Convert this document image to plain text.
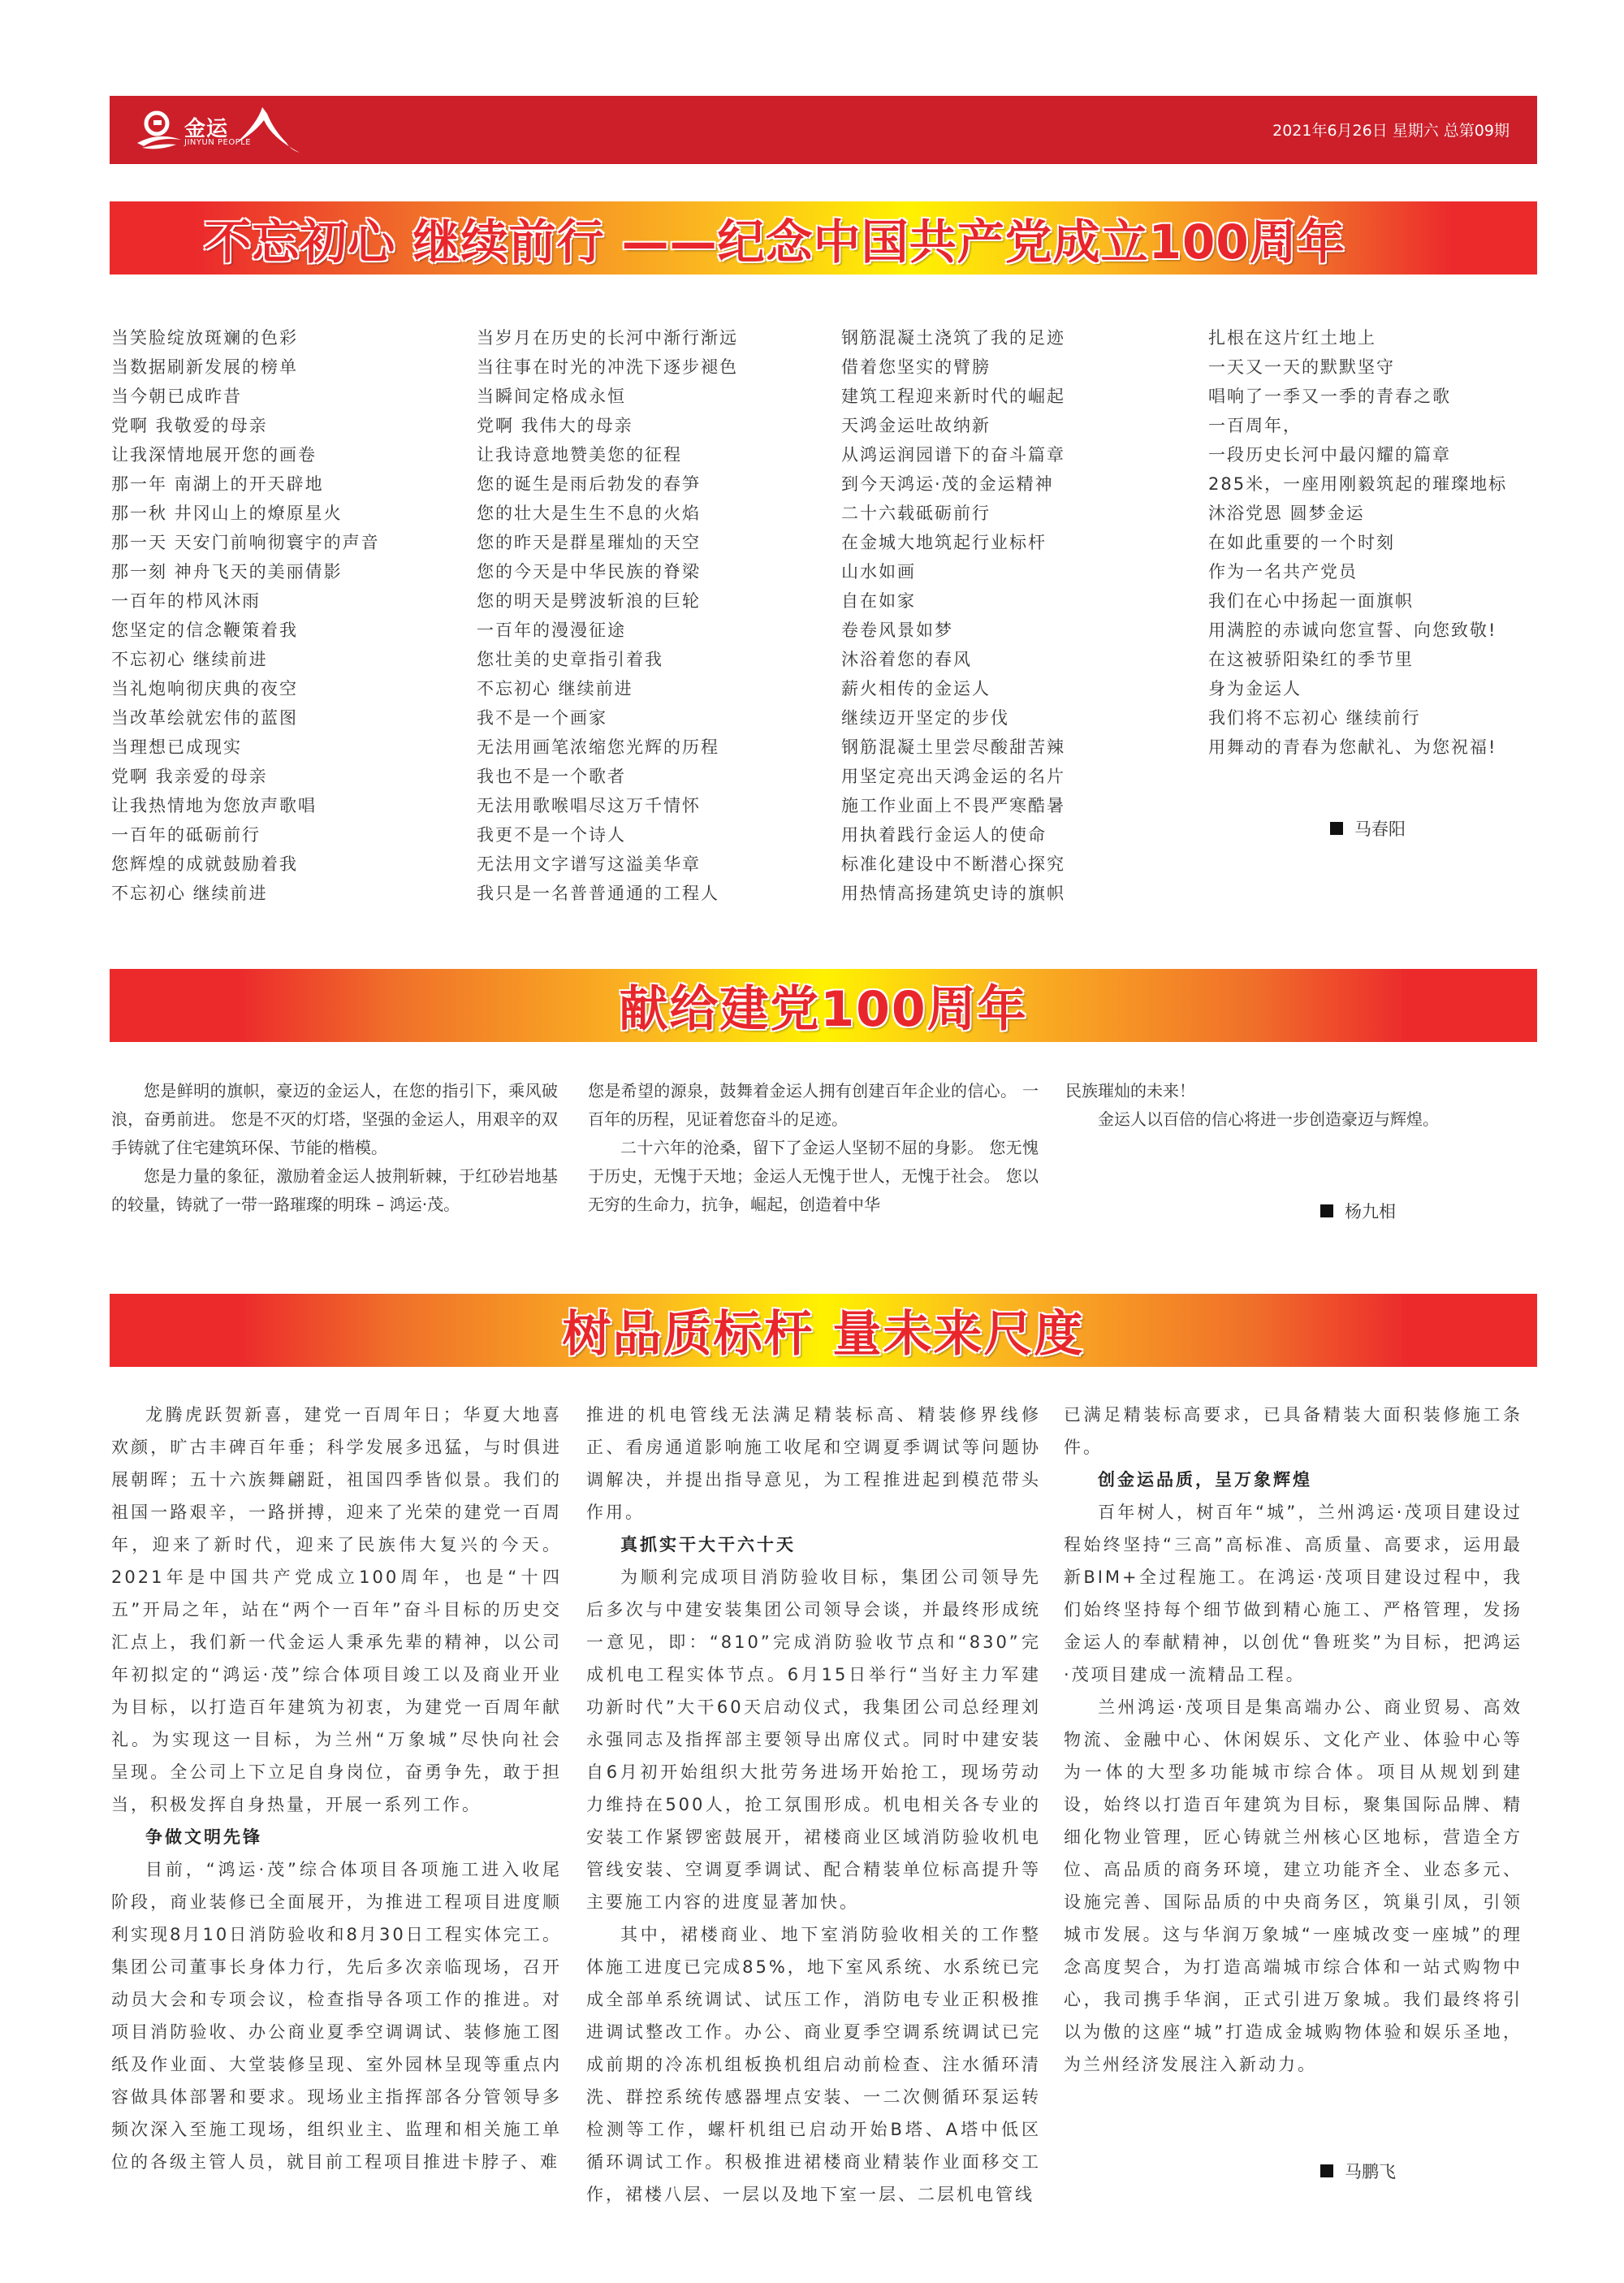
金运
JINYUN PEOPLE
2021年6月26日 星期六 总第09期
不忘初心 继续前行 ——纪念中国共产党成立100周年
当笑脸绽放斑斓的色彩
当数据刷新发展的榜单
当今朝已成昨昔
党啊 我敬爱的母亲
让我深情地展开您的画卷
那一年 南湖上的开天辟地
那一秋 井冈山上的燎原星火
那一天 天安门前响彻寰宇的声音
那一刻 神舟飞天的美丽倩影
一百年的栉风沐雨
您坚定的信念鞭策着我
不忘初心 继续前进
当礼炮响彻庆典的夜空
当改革绘就宏伟的蓝图
当理想已成现实
党啊 我亲爱的母亲
让我热情地为您放声歌唱
一百年的砥砺前行
您辉煌的成就鼓励着我
不忘初心 继续前进
当岁月在历史的长河中渐行渐远
当往事在时光的冲洗下逐步褪色
当瞬间定格成永恒
党啊 我伟大的母亲
让我诗意地赞美您的征程
您的诞生是雨后勃发的春笋
您的壮大是生生不息的火焰
您的昨天是群星璀灿的天空
您的今天是中华民族的脊梁
您的明天是劈波斩浪的巨轮
一百年的漫漫征途
您壮美的史章指引着我
不忘初心 继续前进
我不是一个画家
无法用画笔浓缩您光辉的历程
我也不是一个歌者
无法用歌喉唱尽这万千情怀
我更不是一个诗人
无法用文字谱写这溢美华章
我只是一名普普通通的工程人
钢筋混凝土浇筑了我的足迹
借着您坚实的臂膀
建筑工程迎来新时代的崛起
天鸿金运吐故纳新
从鸿运润园谱下的奋斗篇章
到今天鸿运·茂的金运精神
二十六载砥砺前行
在金城大地筑起行业标杆
山水如画
自在如家
卷卷风景如梦
沐浴着您的春风
薪火相传的金运人
继续迈开坚定的步伐
钢筋混凝土里尝尽酸甜苦辣
用坚定亮出天鸿金运的名片
施工作业面上不畏严寒酷暑
用执着践行金运人的使命
标准化建设中不断潜心探究
用热情高扬建筑史诗的旗帜
扎根在这片红土地上
一天又一天的默默坚守
唱响了一季又一季的青春之歌
一百周年，
一段历史长河中最闪耀的篇章
285米，一座用刚毅筑起的璀璨地标
沐浴党恩 圆梦金运
在如此重要的一个时刻
作为一名共产党员
我们在心中扬起一面旗帜
用满腔的赤诚向您宣誓、向您致敬!
在这被骄阳染红的季节里
身为金运人
我们将不忘初心 继续前行
用舞动的青春为您献礼、为您祝福!
马春阳
献给建党100周年

您是鲜明的旗帜，豪迈的金运人，在您的指引下，乘风破浪，奋勇前进。 您是不灭的灯塔，坚强的金运人，用艰辛的双手铸就了住宅建筑环保、节能的楷模。

您是力量的象征，激励着金运人披荆斩棘，于红砂岩地基的较量，铸就了一带一路璀璨的明珠 – 鸿运·茂。

您是希望的源泉，鼓舞着金运人拥有创建百年企业的信心。 一百年的历程，见证着您奋斗的足迹。

二十六年的沧桑，留下了金运人坚韧不屈的身影。 您无愧于历史，无愧于天地；金运人无愧于世人，无愧于社会。 您以无穷的生命力，抗争，崛起，创造着中华

民族璀灿的未来！

金运人以百倍的信心将进一步创造豪迈与辉煌。

杨九相
树品质标杆 量未来尺度

龙腾虎跃贺新喜，建党一百周年日；华夏大地喜欢颜，旷古丰碑百年垂；科学发展多迅猛，与时俱进展朝晖；五十六族舞翩跹，祖国四季皆似景。我们的祖国一路艰辛，一路拼搏，迎来了光荣的建党一百周年，迎来了新时代，迎来了民族伟大复兴的今天。2021年是中国共产党成立100周年，也是“十四五”开局之年，站在“两个一百年”奋斗目标的历史交汇点上，我们新一代金运人秉承先辈的精神，以公司年初拟定的“鸿运·茂”综合体项目竣工以及商业开业为目标，以打造百年建筑为初衷，为建党一百周年献礼。为实现这一目标，为兰州“万象城”尽快向社会呈现。全公司上下立足自身岗位，奋勇争先，敢于担当，积极发挥自身热量，开展一系列工作。

争做文明先锋

目前，“鸿运·茂”综合体项目各项施工进入收尾阶段，商业装修已全面展开，为推进工程项目进度顺利实现8月10日消防验收和8月30日工程实体完工。集团公司董事长身体力行，先后多次亲临现场，召开动员大会和专项会议，检查指导各项工作的推进。对项目消防验收、办公商业夏季空调调试、装修施工图纸及作业面、大堂装修呈现、室外园林呈现等重点内容做具体部署和要求。现场业主指挥部各分管领导多频次深入至施工现场，组织业主、监理和相关施工单位的各级主管人员，就目前工程项目推进卡脖子、难

推进的机电管线无法满足精装标高、精装修界线修正、看房通道影响施工收尾和空调夏季调试等问题协调解决，并提出指导意见，为工程推进起到模范带头作用。

真抓实干大干六十天

为顺利完成项目消防验收目标，集团公司领导先后多次与中建安装集团公司领导会谈，并最终形成统一意见，即：“810”完成消防验收节点和“830”完成机电工程实体节点。6月15日举行“当好主力军建功新时代”大干60天启动仪式，我集团公司总经理刘永强同志及指挥部主要领导出席仪式。同时中建安装自6月初开始组织大批劳务进场开始抢工，现场劳动力维持在500人，抢工氛围形成。机电相关各专业的安装工作紧锣密鼓展开，裙楼商业区域消防验收机电管线安装、空调夏季调试、配合精装单位标高提升等主要施工内容的进度显著加快。

其中，裙楼商业、地下室消防验收相关的工作整体施工进度已完成85%，地下室风系统、水系统已完成全部单系统调试、试压工作，消防电专业正积极推进调试整改工作。办公、商业夏季空调系统调试已完成前期的冷冻机组板换机组启动前检查、注水循环清洗、群控系统传感器埋点安装、一二次侧循环泵运转检测等工作，螺杆机组已启动开始B塔、A塔中低区循环调试工作。积极推进裙楼商业精装作业面移交工作，裙楼八层、一层以及地下室一层、二层机电管线

已满足精装标高要求，已具备精装大面积装修施工条件。

创金运品质，呈万象辉煌

百年树人，树百年“城”，兰州鸿运·茂项目建设过程始终坚持“三高”高标准、高质量、高要求，运用最新BIM+全过程施工。在鸿运·茂项目建设过程中，我们始终坚持每个细节做到精心施工、严格管理，发扬金运人的奉献精神，以创优“鲁班奖”为目标，把鸿运·茂项目建成一流精品工程。

兰州鸿运·茂项目是集高端办公、商业贸易、高效物流、金融中心、休闲娱乐、文化产业、体验中心等为一体的大型多功能城市综合体。项目从规划到建设，始终以打造百年建筑为目标，聚集国际品牌、精细化物业管理，匠心铸就兰州核心区地标，营造全方位、高品质的商务环境，建立功能齐全、业态多元、设施完善、国际品质的中央商务区，筑巢引凤，引领城市发展。这与华润万象城“一座城改变一座城”的理念高度契合，为打造高端城市综合体和一站式购物中心，我司携手华润，正式引进万象城。我们最终将引以为傲的这座“城”打造成金城购物体验和娱乐圣地，为兰州经济发展注入新动力。

马鹏飞
